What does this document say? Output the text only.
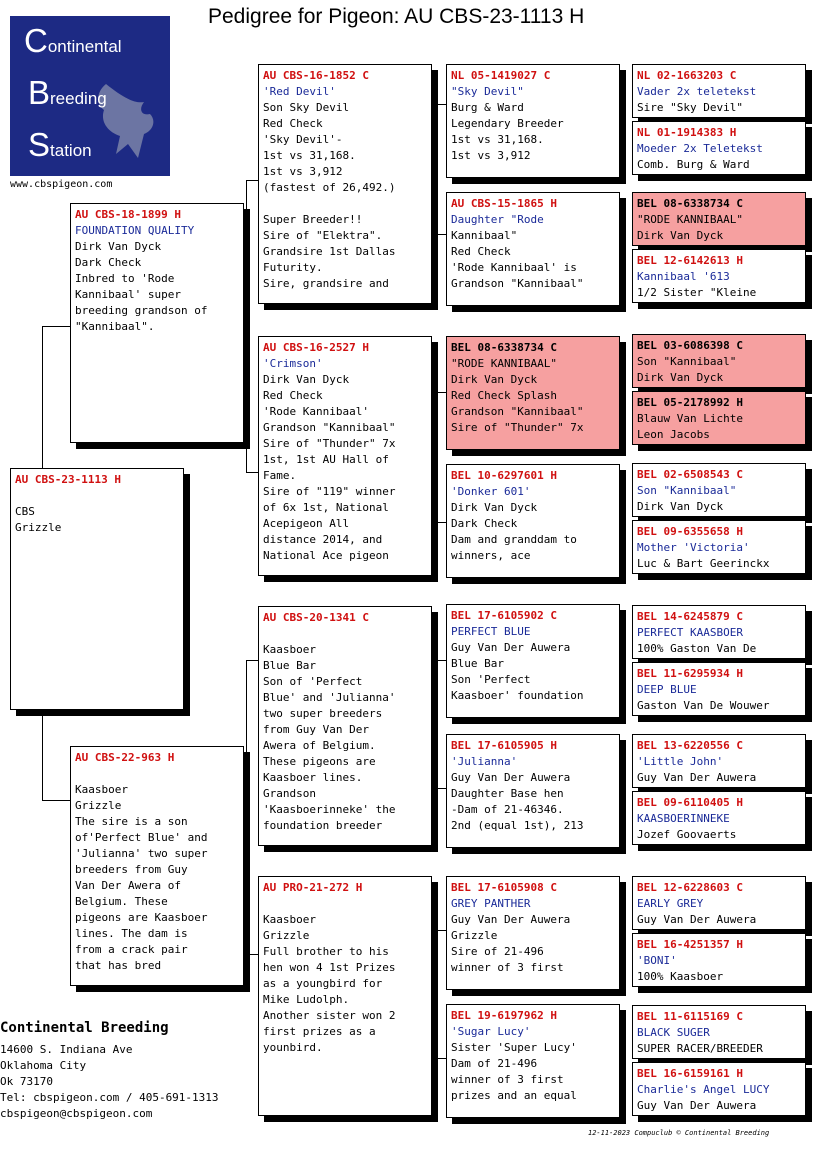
Pedigree for Pigeon: AU CBS-23-1113 H
Continental
Breeding
Station
www.cbspigeon.com
AU CBS-23-1113 H

CBS
Grizzle
AU CBS-18-1899 H
FOUNDATION QUALITY
Dirk Van Dyck
Dark Check
Inbred to 'Rode
Kannibaal' super
breeding grandson of
"Kannibaal".
AU CBS-22-963 H

Kaasboer
Grizzle
The sire is a son
of'Perfect Blue' and
'Julianna' two super
breeders from Guy
Van Der Awera of
Belgium. These
pigeons are Kaasboer
lines. The dam is
from a crack pair
that has bred
AU CBS-16-1852 C
'Red Devil'
Son Sky Devil
Red Check
'Sky Devil'-
1st vs 31,168.
1st vs 3,912
(fastest of 26,492.)

Super Breeder!!
Sire of "Elektra".
Grandsire 1st Dallas
Futurity.
Sire, grandsire and
AU CBS-16-2527 H
'Crimson'
Dirk Van Dyck
Red Check
'Rode Kannibaal'
Grandson "Kannibaal"
Sire of "Thunder" 7x
1st, 1st AU Hall of
Fame.
Sire of "119" winner
of 6x 1st, National
Acepigeon All
distance 2014, and
National Ace pigeon
AU CBS-20-1341 C

Kaasboer
Blue Bar
Son of 'Perfect
Blue' and 'Julianna'
two super breeders
from Guy Van Der
Awera of Belgium.
These pigeons are
Kaasboer lines.
Grandson
'Kaasboerinneke' the
foundation breeder
AU PRO-21-272 H

Kaasboer
Grizzle
Full brother to his
hen won 4 1st Prizes
as a youngbird for
Mike Ludolph.
Another sister won 2
first prizes as a
younbird.
NL 05-1419027 C
"Sky Devil"
Burg & Ward
Legendary Breeder
1st vs 31,168.
1st vs 3,912
AU CBS-15-1865 H
Daughter "Rode
Kannibaal"
Red Check
'Rode Kannibaal' is
Grandson "Kannibaal"
BEL 08-6338734 C
"RODE KANNIBAAL"
Dirk Van Dyck
Red Check Splash
Grandson "Kannibaal"
Sire of "Thunder" 7x
BEL 10-6297601 H
'Donker 601'
Dirk Van Dyck
Dark Check
Dam and granddam to
winners, ace
BEL 17-6105902 C
PERFECT BLUE
Guy Van Der Auwera
Blue Bar
Son 'Perfect
Kaasboer' foundation
BEL 17-6105905 H
'Julianna'
Guy Van Der Auwera
Daughter Base hen
-Dam of 21-46346.
2nd (equal 1st), 213
BEL 17-6105908 C
GREY PANTHER
Guy Van Der Auwera
Grizzle
Sire of 21-496
winner of 3 first
BEL 19-6197962 H
'Sugar Lucy'
Sister 'Super Lucy'
Dam of 21-496
winner of 3 first
prizes and an equal
NL 02-1663203 C
Vader 2x teletekst
Sire "Sky Devil"
NL 01-1914383 H
Moeder 2x Teletekst
Comb. Burg & Ward
BEL 08-6338734 C
"RODE KANNIBAAL"
Dirk Van Dyck
BEL 12-6142613 H
Kannibaal '613
1/2 Sister "Kleine
BEL 03-6086398 C
Son "Kannibaal"
Dirk Van Dyck
BEL 05-2178992 H
Blauw Van Lichte
Leon Jacobs
BEL 02-6508543 C
Son "Kannibaal"
Dirk Van Dyck
BEL 09-6355658 H
Mother 'Victoria'
Luc & Bart Geerinckx
BEL 14-6245879 C
PERFECT KAASBOER
100% Gaston Van De
BEL 11-6295934 H
DEEP BLUE
Gaston Van De Wouwer
BEL 13-6220556 C
'Little John'
Guy Van Der Auwera
BEL 09-6110405 H
KAASBOERINNEKE
Jozef Goovaerts
BEL 12-6228603 C
EARLY GREY
Guy Van Der Auwera
BEL 16-4251357 H
'BONI'
100% Kaasboer
BEL 11-6115169 C
BLACK SUGER
SUPER RACER/BREEDER
BEL 16-6159161 H
Charlie's Angel LUCY
Guy Van Der Auwera
Continental Breeding
14600 S. Indiana Ave
Oklahoma City
Ok 73170
Tel: cbspigeon.com / 405-691-1313
cbspigeon@cbspigeon.com
12-11-2023 Compuclub © Continental Breeding
